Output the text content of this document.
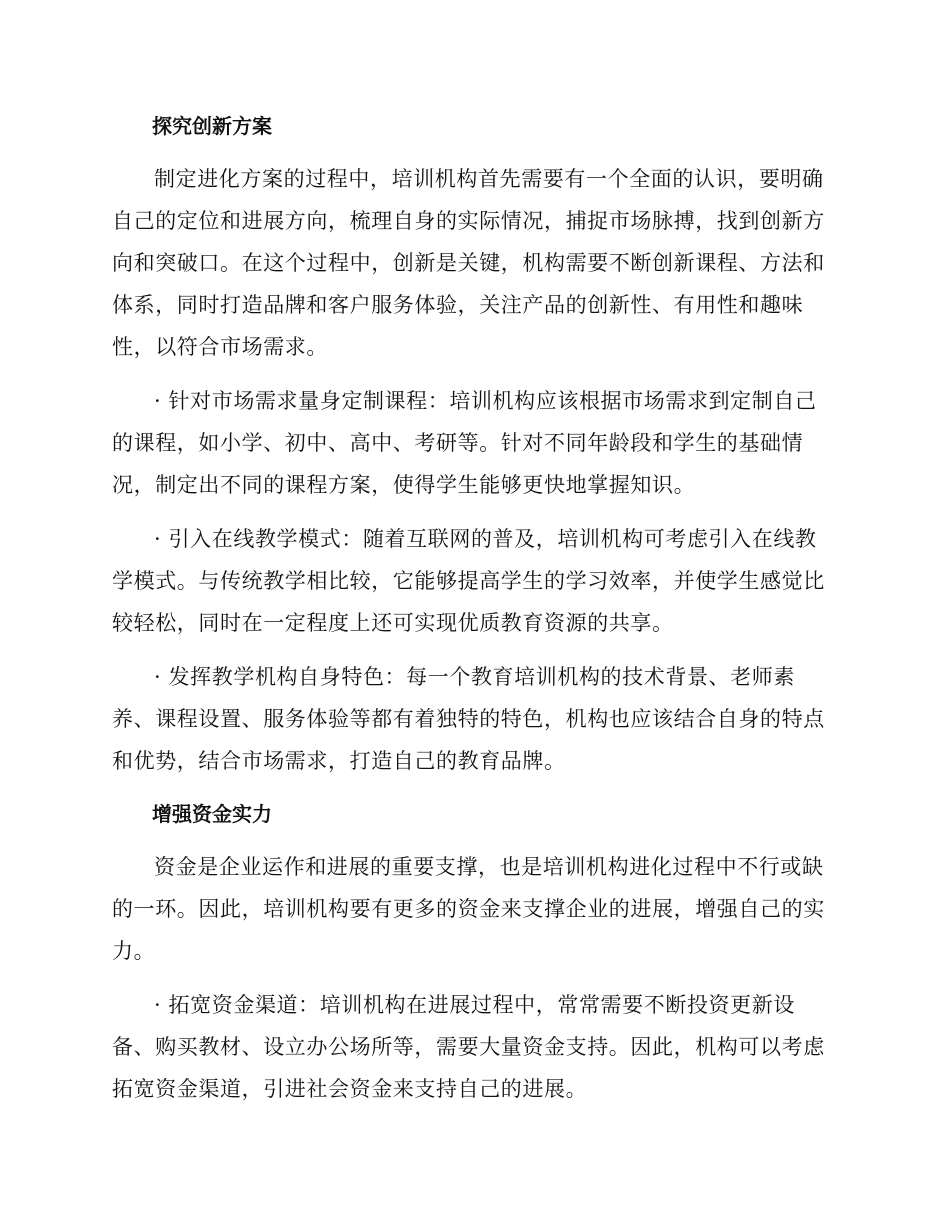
探究创新方案

制定进化方案的过程中，培训机构首先需要有一个全面的认识，要明确自己的定位和进展方向，梳理自身的实际情况，捕捉市场脉搏，找到创新方向和突破口。在这个过程中，创新是关键，机构需要不断创新课程、方法和体系，同时打造品牌和客户服务体验，关注产品的创新性、有用性和趣味性，以符合市场需求。

· 针对市场需求量身定制课程：培训机构应该根据市场需求到定制自己的课程，如小学、初中、高中、考研等。针对不同年龄段和学生的基础情况，制定出不同的课程方案，使得学生能够更快地掌握知识。

· 引入在线教学模式：随着互联网的普及，培训机构可考虑引入在线教学模式。与传统教学相比较，它能够提高学生的学习效率，并使学生感觉比较轻松，同时在一定程度上还可实现优质教育资源的共享。

· 发挥教学机构自身特色：每一个教育培训机构的技术背景、老师素养、课程设置、服务体验等都有着独特的特色，机构也应该结合自身的特点和优势，结合市场需求，打造自己的教育品牌。

增强资金实力

资金是企业运作和进展的重要支撑，也是培训机构进化过程中不行或缺的一环。因此，培训机构要有更多的资金来支撑企业的进展，增强自己的实力。

· 拓宽资金渠道：培训机构在进展过程中，常常需要不断投资更新设备、购买教材、设立办公场所等，需要大量资金支持。因此，机构可以考虑拓宽资金渠道，引进社会资金来支持自己的进展。
